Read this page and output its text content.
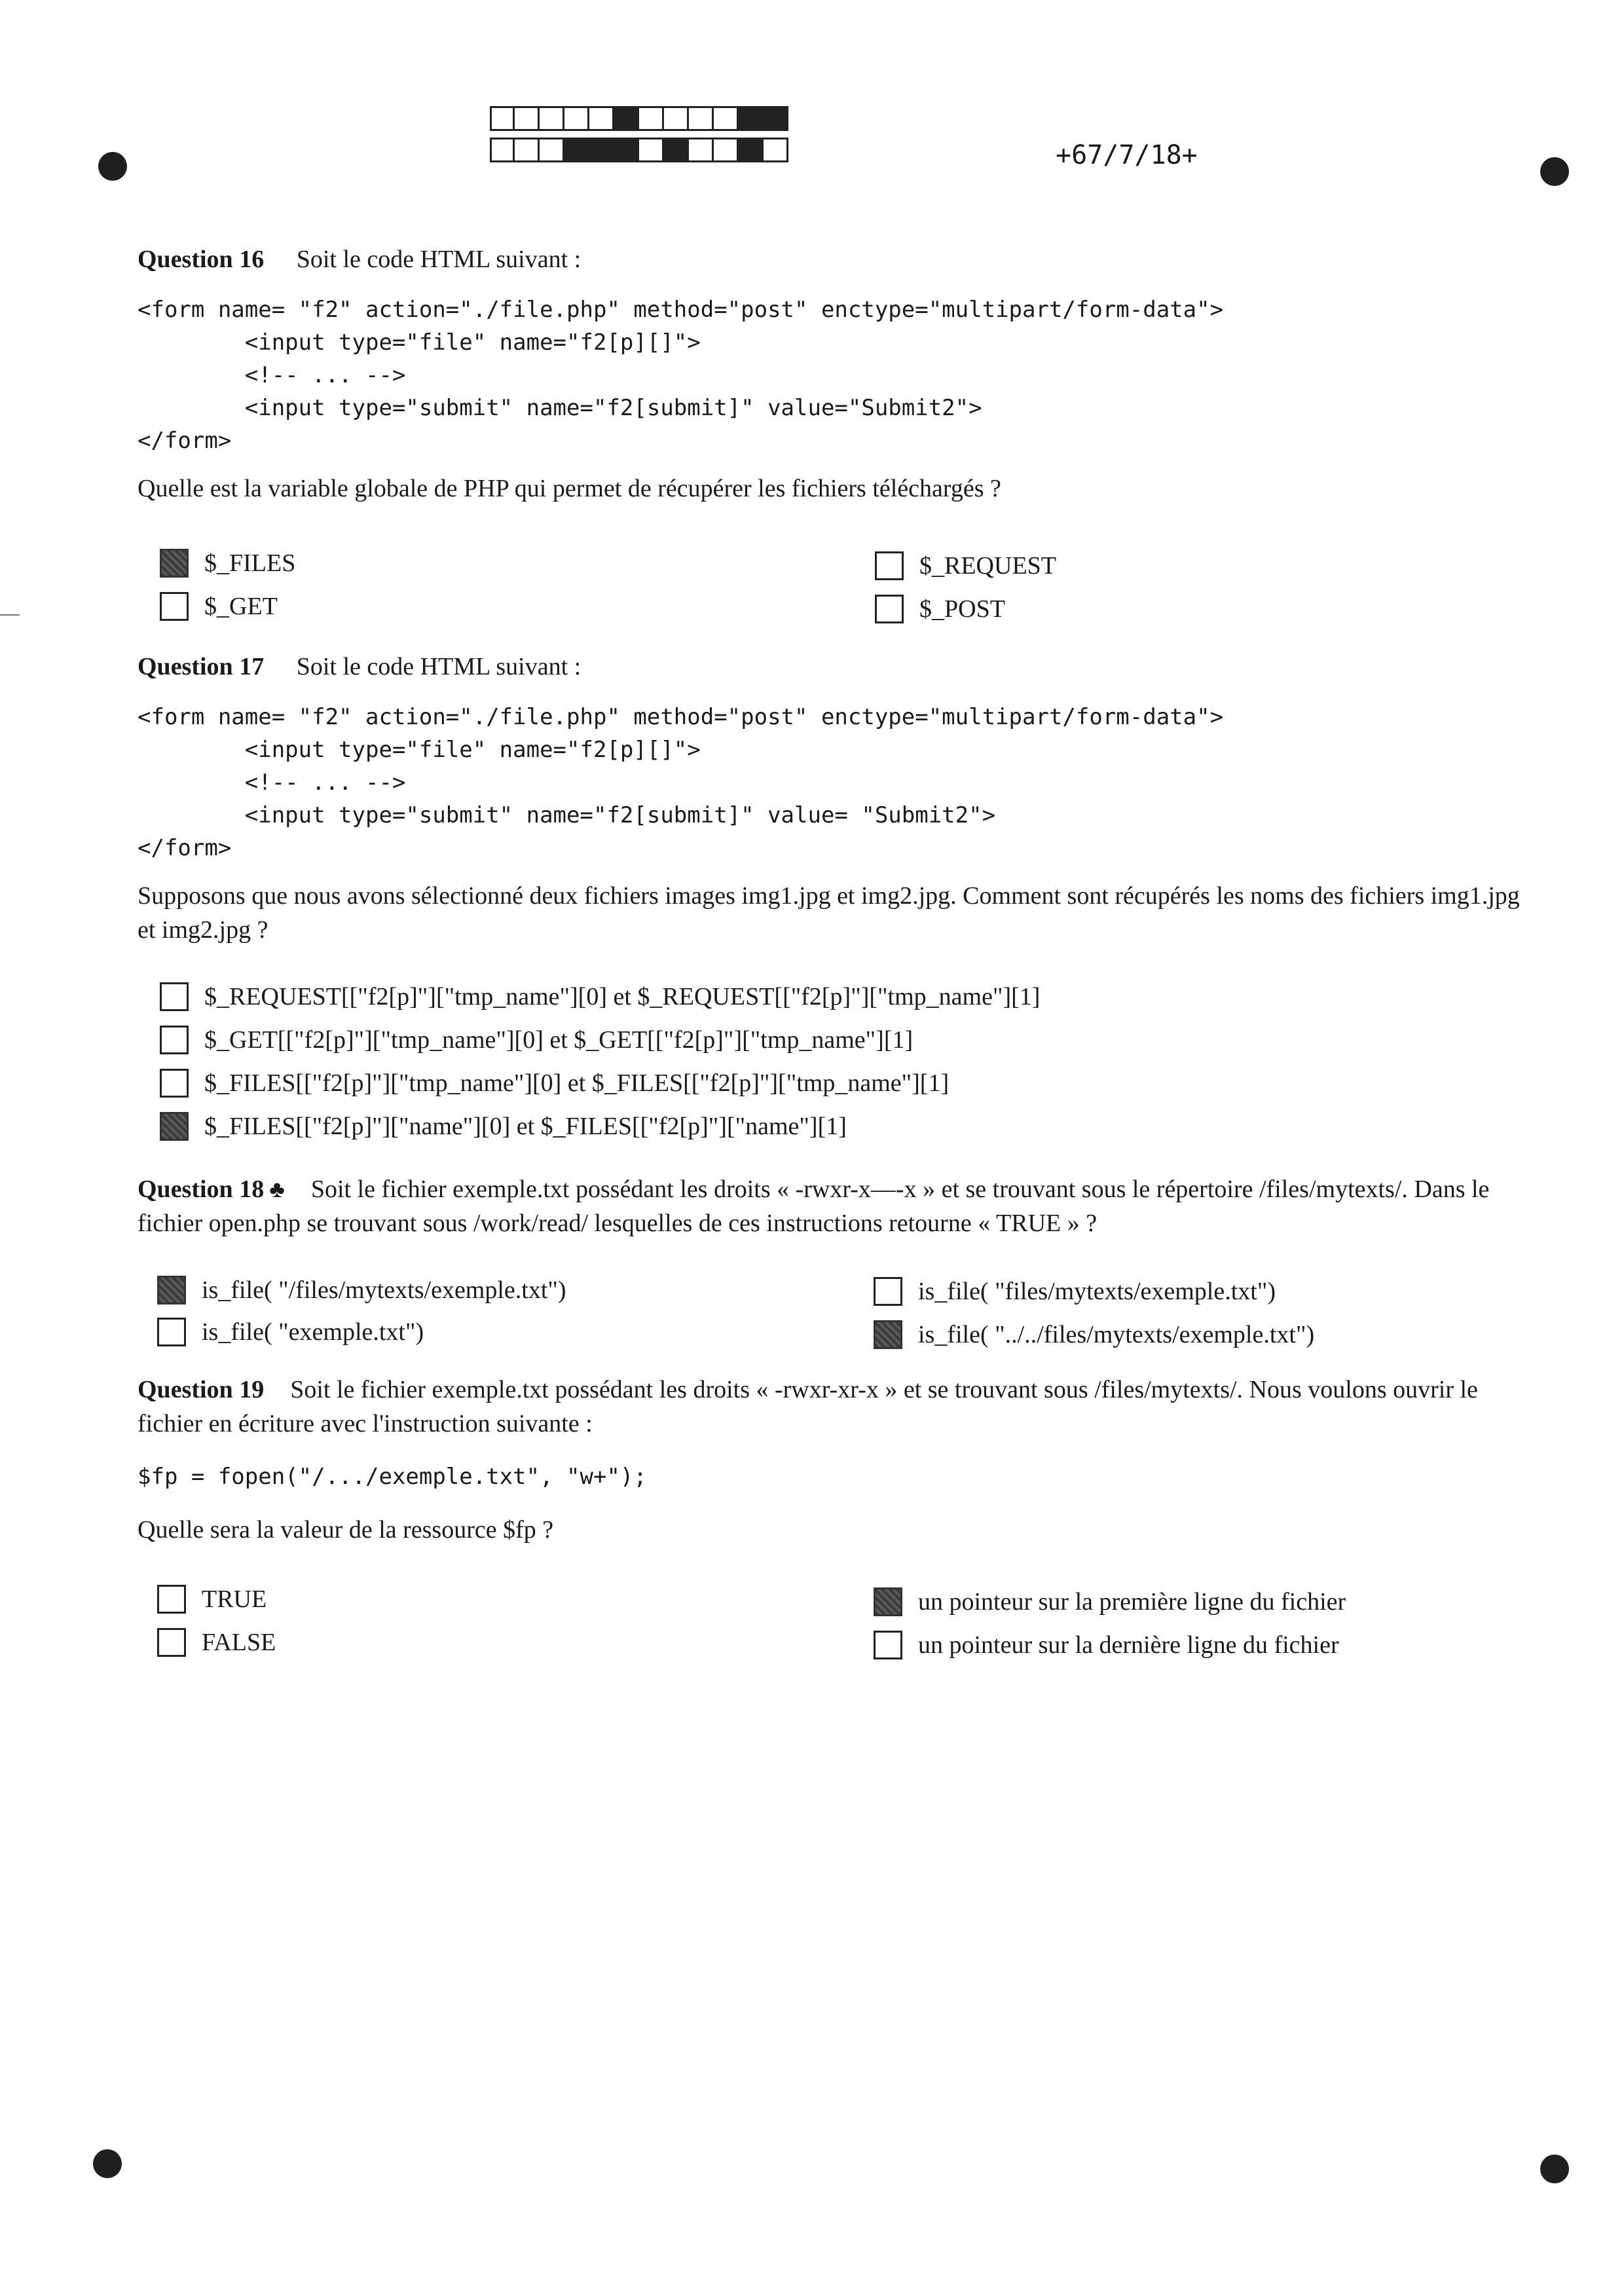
+67/7/18+
Question 16 Soit le code HTML suivant :
<form name= "f2" action="./file.php" method="post" enctype="multipart/form-data">
<input type="file" name="f2[p][]">
<!-- ... -->
<input type="submit" name="f2[submit]" value="Submit2">
</form>
Quelle est la variable globale de PHP qui permet de récupérer les fichiers téléchargés ?
$_FILES
$_GET
$_REQUEST
$_POST
Question 17 Soit le code HTML suivant :
<form name= "f2" action="./file.php" method="post" enctype="multipart/form-data">
<input type="file" name="f2[p][]">
<!-- ... -->
<input type="submit" name="f2[submit]" value= "Submit2">
</form>
Supposons que nous avons sélectionné deux fichiers images img1.jpg et img2.jpg. Comment sont récupérés les noms des fichiers img1.jpg et img2.jpg ?
$_REQUEST[["f2[p]"]["tmp_name"][0] et $_REQUEST[["f2[p]"]["tmp_name"][1]
$_GET[["f2[p]"]["tmp_name"][0] et $_GET[["f2[p]"]["tmp_name"][1]
$_FILES[["f2[p]"]["tmp_name"][0] et $_FILES[["f2[p]"]["tmp_name"][1]
$_FILES[["f2[p]"]["name"][0] et $_FILES[["f2[p]"]["name"][1]
Question 18 ♣ Soit le fichier exemple.txt possédant les droits « -rwxr-x—-x » et se trouvant sous le répertoire /files/mytexts/. Dans le fichier open.php se trouvant sous /work/read/ lesquelles de ces instructions retourne « TRUE » ?
is_file( "/files/mytexts/exemple.txt")
is_file( "exemple.txt")
is_file( "files/mytexts/exemple.txt")
is_file( "../../files/mytexts/exemple.txt")
Question 19 Soit le fichier exemple.txt possédant les droits « -rwxr-xr-x » et se trouvant sous /files/mytexts/. Nous voulons ouvrir le fichier en écriture avec l'instruction suivante :
$fp = fopen("/.../exemple.txt", "w+");
Quelle sera la valeur de la ressource $fp ?
TRUE
FALSE
un pointeur sur la première ligne du fichier
un pointeur sur la dernière ligne du fichier
